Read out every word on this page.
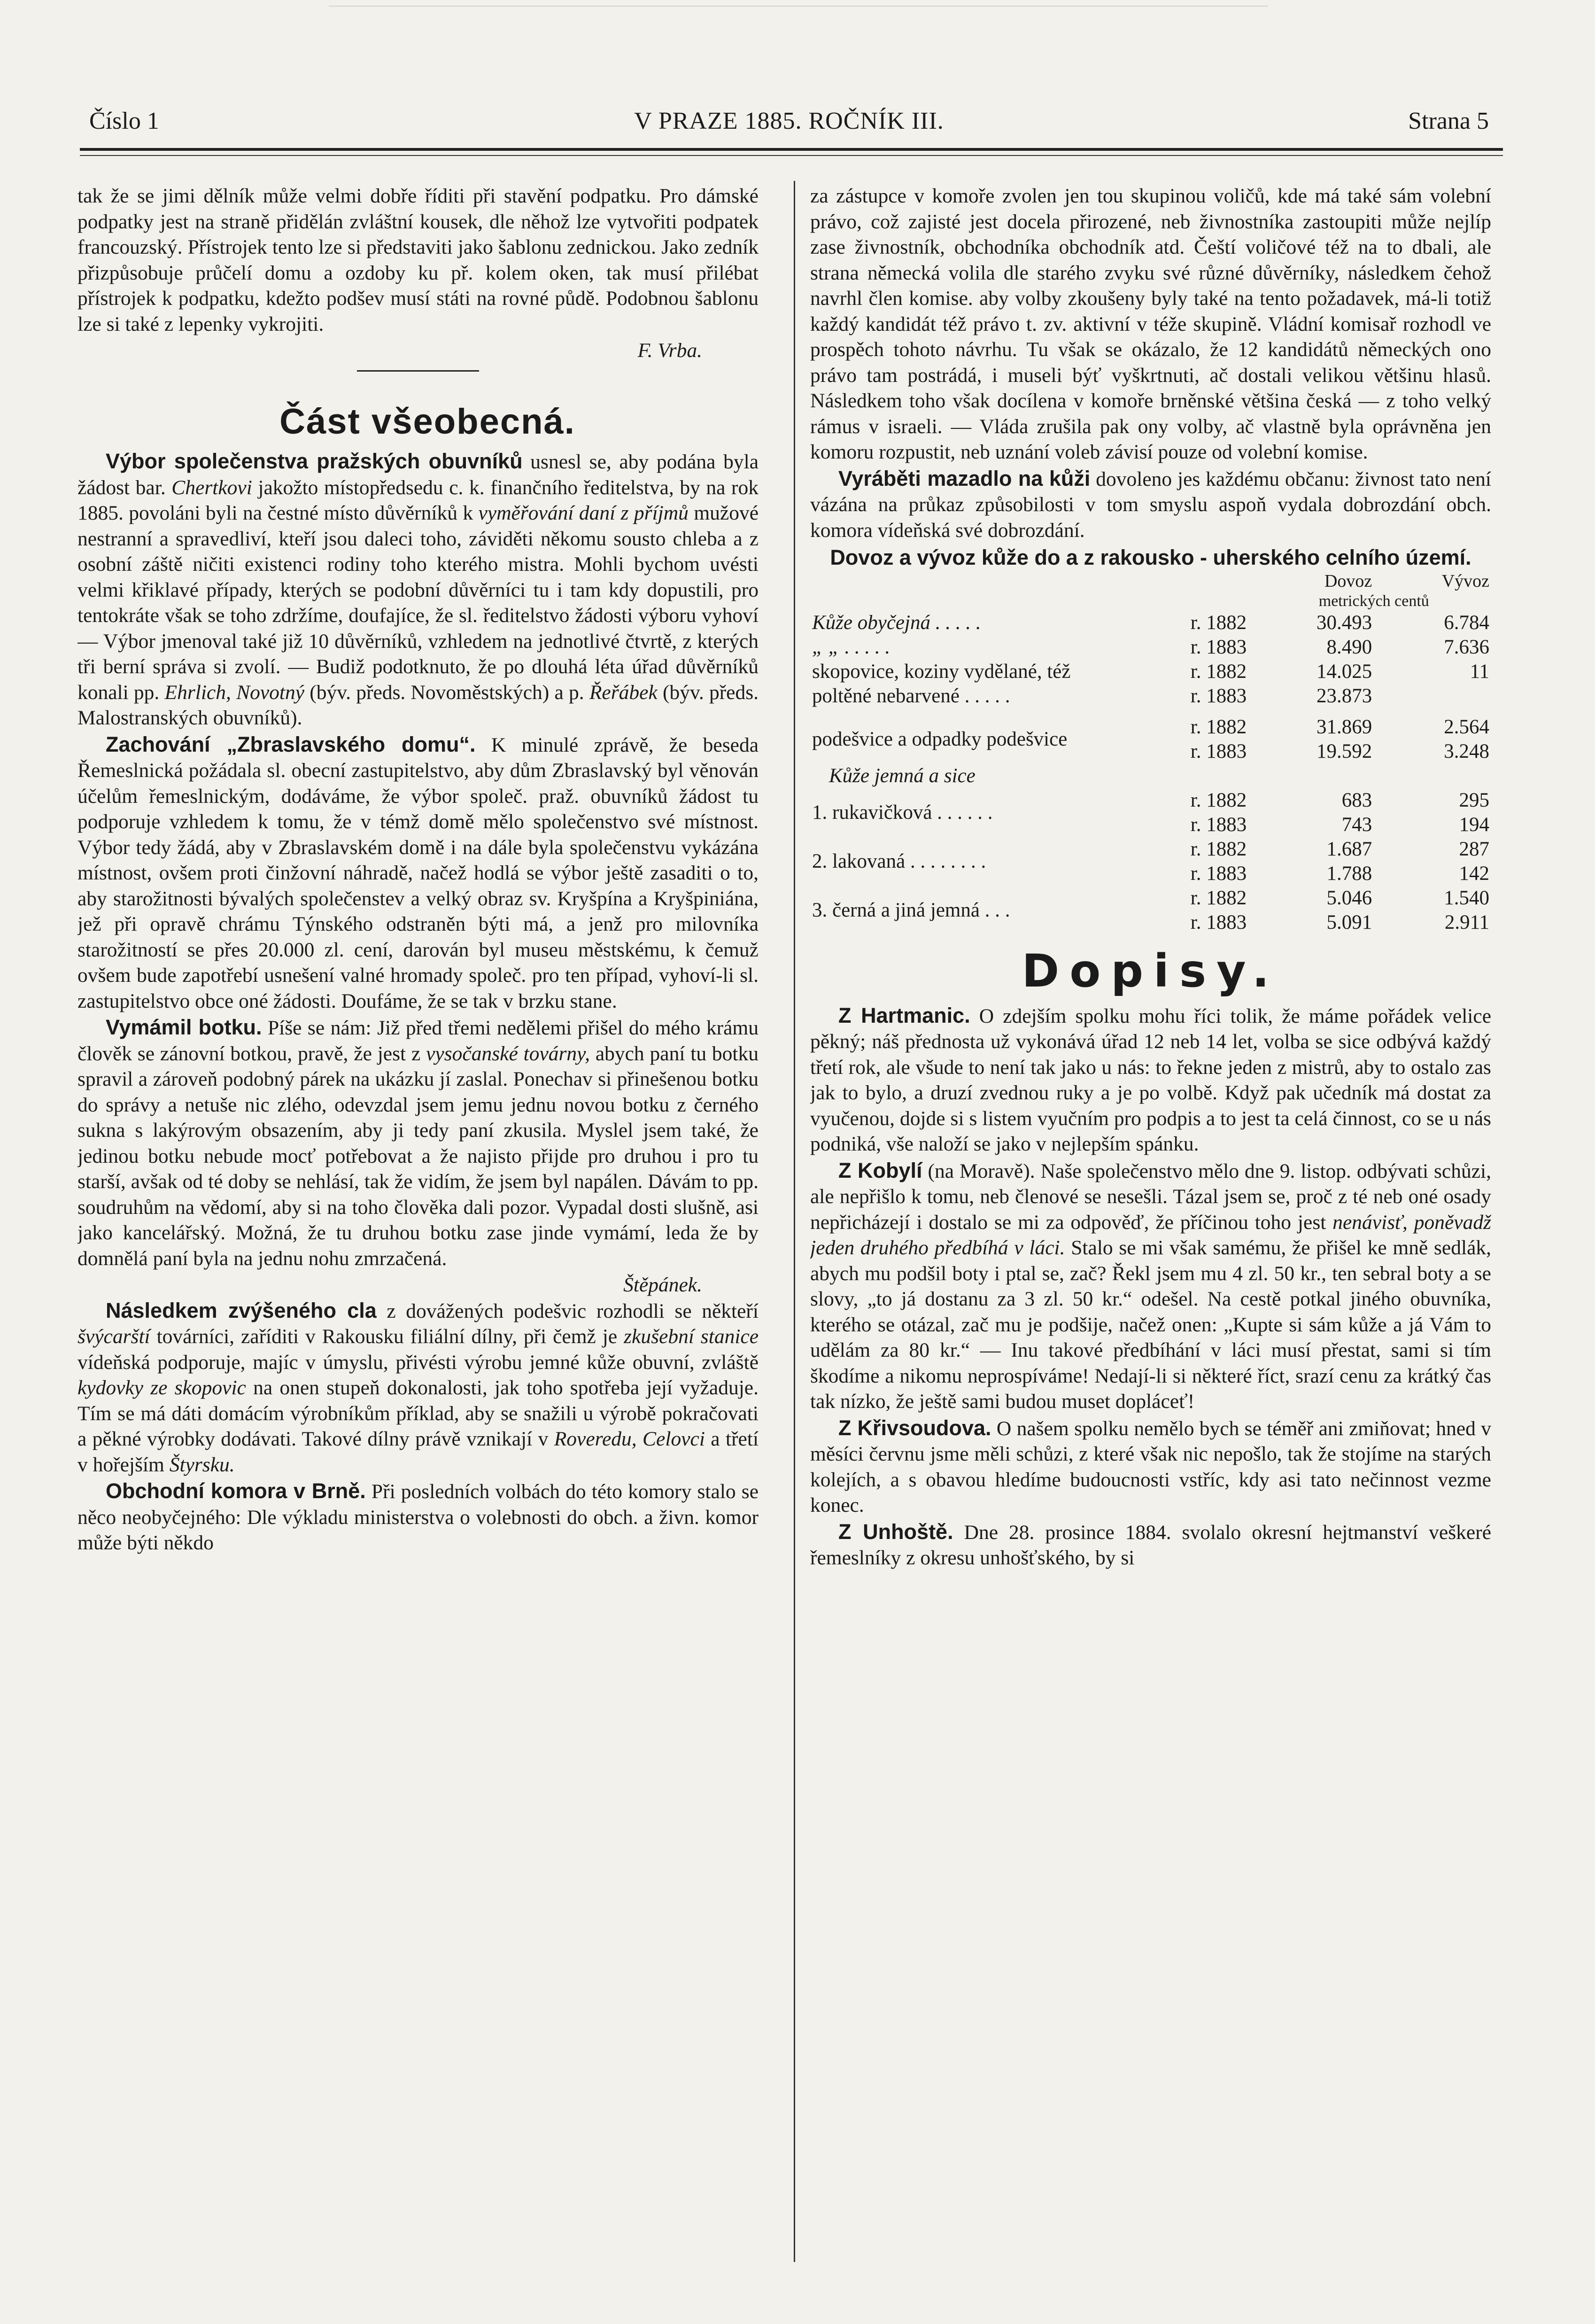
Číslo 1	V PRAZE 1885. ROČNÍK III.	Strana 5

tak že se jimi dělník může velmi dobře říditi při stavění podpatku. Pro dámské podpatky jest na straně přidělán zvláštní kousek, dle něhož lze vytvořiti podpatek francouzský. Přístrojek tento lze si představiti jako šablonu zednickou. Jako zedník přizpůsobuje průčelí domu a ozdoby ku př. kolem oken, tak musí přilébat přístrojek k podpatku, kdežto podšev musí státi na rovné půdě. Podobnou šablonu lze si také z lepenky vykrojiti.

F. Vrba.
Část všeobecná.

Výbor společenstva pražských obuvníků usnesl se, aby podána byla žádost bar. Chertkovi jakožto místopředsedu c. k. finančního ředitelstva, by na rok 1885. povoláni byli na čestné místo důvěrníků k vyměřování daní z příjmů mužové nestranní a spravedliví, kteří jsou daleci toho, záviděti někomu sousto chleba a z osobní záště ničiti existenci rodiny toho kterého mistra. Mohli bychom uvésti velmi křiklavé případy, kterých se podobní důvěrníci tu i tam kdy dopustili, pro tentokráte však se toho zdržíme, doufajíce, že sl. ředitelstvo žádosti výboru vyhoví — Výbor jmenoval také již 10 důvěrníků, vzhledem na jednotlivé čtvrtě, z kterých tři berní správa si zvolí. — Budiž podotknuto, že po dlouhá léta úřad důvěrníků konali pp. Ehrlich, Novotný (býv. předs. Novoměstských) a p. Řeřábek (býv. předs. Malostranských obuvníků).

Zachování „Zbraslavského domu“. K minulé zprávě, že beseda Řemeslnická požádala sl. obecní zastupitelstvo, aby dům Zbraslavský byl věnován účelům řemeslnickým, dodáváme, že výbor společ. praž. obuvníků žádost tu podporuje vzhledem k tomu, že v témž domě mělo společenstvo své místnost. Výbor tedy žádá, aby v Zbraslavském domě i na dále byla společenstvu vykázána místnost, ovšem proti činžovní náhradě, načež hodlá se výbor ještě zasaditi o to, aby starožitnosti bývalých společenstev a velký obraz sv. Kryšpína a Kryšpiniána, jež při opravě chrámu Týnského odstraněn býti má, a jenž pro milovníka starožitností se přes 20.000 zl. cení, darován byl museu městskému, k čemuž ovšem bude zapotřebí usnešení valné hromady společ. pro ten případ, vyhoví-li sl. zastupitelstvo obce oné žádosti. Doufáme, že se tak v brzku stane.

Vymámil botku. Píše se nám: Již před třemi nedělemi přišel do mého krámu člověk se zánovní botkou, pravě, že jest z vysočanské továrny, abych paní tu botku spravil a zároveň podobný párek na ukázku jí zaslal. Ponechav si přinešenou botku do správy a netuše nic zlého, odevzdal jsem jemu jednu novou botku z černého sukna s lakýrovým obsazením, aby ji tedy paní zkusila. Myslel jsem také, že jedinou botku nebude mocť potřebovat a že najisto přijde pro druhou i pro tu starší, avšak od té doby se nehlásí, tak že vidím, že jsem byl napálen. Dávám to pp. soudruhům na vědomí, aby si na toho člověka dali pozor. Vypadal dosti slušně, asi jako kancelářský. Možná, že tu druhou botku zase jinde vymámí, leda že by domnělá paní byla na jednu nohu zmrzačená.

Štěpánek.

Následkem zvýšeného cla z dovážených podešvic rozhodli se někteří švýcarští továrníci, zaříditi v Rakousku filiální dílny, při čemž je zkušební stanice vídeňská podporuje, majíc v úmyslu, přivésti výrobu jemné kůže obuvní, zvláště kydovky ze skopovic na onen stupeň dokonalosti, jak toho spotřeba její vyžaduje. Tím se má dáti domácím výrobníkům příklad, aby se snažili u výrobě pokračovati a pěkné výrobky dodávati. Takové dílny právě vznikají v Roveredu, Celovci a třetí v hořejším Štyrsku.

Obchodní komora v Brně. Při posledních volbách do této komory stalo se něco neobyčejného: Dle výkladu ministerstva o volebnosti do obch. a živn. komor může býti někdo

za zástupce v komoře zvolen jen tou skupinou voličů, kde má také sám volební právo, což zajisté jest docela přirozené, neb živnostníka zastoupiti může nejlíp zase živnostník, obchodníka obchodník atd. Čeští voličové též na to dbali, ale strana německá volila dle starého zvyku své různé důvěrníky, následkem čehož navrhl člen komise. aby volby zkoušeny byly také na tento požadavek, má-li totiž každý kandidát též právo t. zv. aktivní v téže skupině. Vládní komisař rozhodl ve prospěch tohoto návrhu. Tu však se okázalo, že 12 kandidátů německých ono právo tam postrádá, i museli býť vyškrtnuti, ač dostali velikou většinu hlasů. Následkem toho však docílena v komoře brněnské většina česká — z toho velký rámus v israeli. — Vláda zrušila pak ony volby, ač vlastně byla oprávněna jen komoru rozpustit, neb uznání voleb závisí pouze od volební komise.

Vyráběti mazadlo na kůži dovoleno jes každému občanu: živnost tato není vázána na průkaz způsobilosti v tom smyslu aspoň vydala dobrozdání obch. komora vídeňská své dobrozdání.

Dovoz a vývoz kůže do a z rakousko - uherského celního území.
		Dovoz	Vývoz
		metrických centů	
Kůže obyčejná . . . . .	r. 1882	30.493	6.784
„ „ . . . . .	r. 1883	8.490	7.636
skopovice, koziny vydělané, též	r. 1882	14.025	11
poltěné nebarvené . . . . .	r. 1883	23.873	

podešvice a odpadky podešvice	r. 1882	31.869	2.564
	r. 1883	19.592	3.248
Kůže jemná a sice			
1. rukavičková . . . . . .	r. 1882	683	295
	r. 1883	743	194
2. lakovaná . . . . . . . .	r. 1882	1.687	287
	r. 1883	1.788	142
3. černá a jiná jemná . . .	r. 1882	5.046	1.540
	r. 1883	5.091	2.911
Dopisy.

Z Hartmanic. O zdejším spolku mohu říci tolik, že máme pořádek velice pěkný; náš přednosta už vykonává úřad 12 neb 14 let, volba se sice odbývá každý třetí rok, ale všude to není tak jako u nás: to řekne jeden z mistrů, aby to ostalo zas jak to bylo, a druzí zvednou ruky a je po volbě. Když pak učedník má dostat za vyučenou, dojde si s listem vyučním pro podpis a to jest ta celá činnost, co se u nás podniká, vše naloží se jako v nejlepším spánku.

Z Kobylí (na Moravě). Naše společenstvo mělo dne 9. listop. odbývati schůzi, ale nepřišlo k tomu, neb členové se nesešli. Tázal jsem se, proč z té neb oné osady nepřicházejí i dostalo se mi za odpověď, že příčinou toho jest nenávisť, poněvadž jeden druhého předbíhá v láci. Stalo se mi však samému, že přišel ke mně sedlák, abych mu podšil boty i ptal se, zač? Řekl jsem mu 4 zl. 50 kr., ten sebral boty a se slovy, „to já dostanu za 3 zl. 50 kr.“ odešel. Na cestě potkal jiného obuvníka, kterého se otázal, zač mu je podšije, načež onen: „Kupte si sám kůže a já Vám to udělám za 80 kr.“ — Inu takové předbíhání v láci musí přestat, sami si tím škodíme a nikomu neprospíváme! Nedají-li si některé říct, srazí cenu za krátký čas tak nízko, že ještě sami budou muset dopláceť!

Z Křivsoudova. O našem spolku nemělo bych se téměř ani zmiňovat; hned v měsíci červnu jsme měli schůzi, z které však nic nepošlo, tak že stojíme na starých kolejích, a s obavou hledíme budoucnosti vstříc, kdy asi tato nečinnost vezme konec.

Z Unhoště. Dne 28. prosince 1884. svolalo okresní hejtmanství veškeré řemeslníky z okresu unhošťského, by si
